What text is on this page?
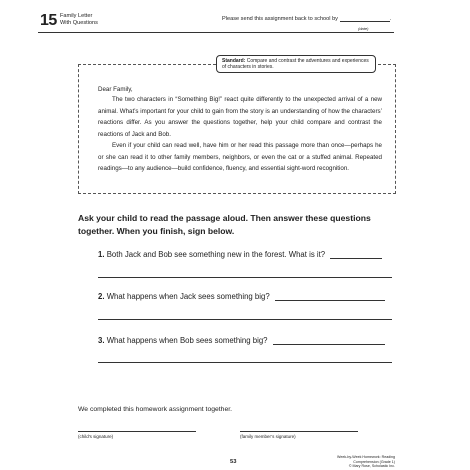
15 Family Letter
With Questions
Please send this assignment back to school by	.
(date)
Standard: Compare and contrast the adventures and experiences of characters in stories.
Dear Family,

The two characters in “Something Big!” react quite differently to the unexpected arrival of a new animal. What’s important for your child to gain from the story is an understanding of how the characters’ reactions differ. As you answer the questions together, help your child compare and contrast the reactions of Jack and Bob.

Even if your child can read well, have him or her read this passage more than once—perhaps he or she can read it to other family members, neighbors, or even the cat or a stuffed animal. Repeated readings—to any audience—build confidence, fluency, and essential sight-word recognition.

Ask your child to read the passage aloud. Then answer these questions together. When you finish, sign below.
1. Both Jack and Bob see something new in the forest. What is it?
2. What happens when Jack sees something big?
3. What happens when Bob sees something big?
We completed this homework assignment together.
(child’s signature)	(family member’s signature)
53
Week-by-Week Homework: Reading Comprehension (Grade 1)
© Mary Rose, Scholastic Inc.
